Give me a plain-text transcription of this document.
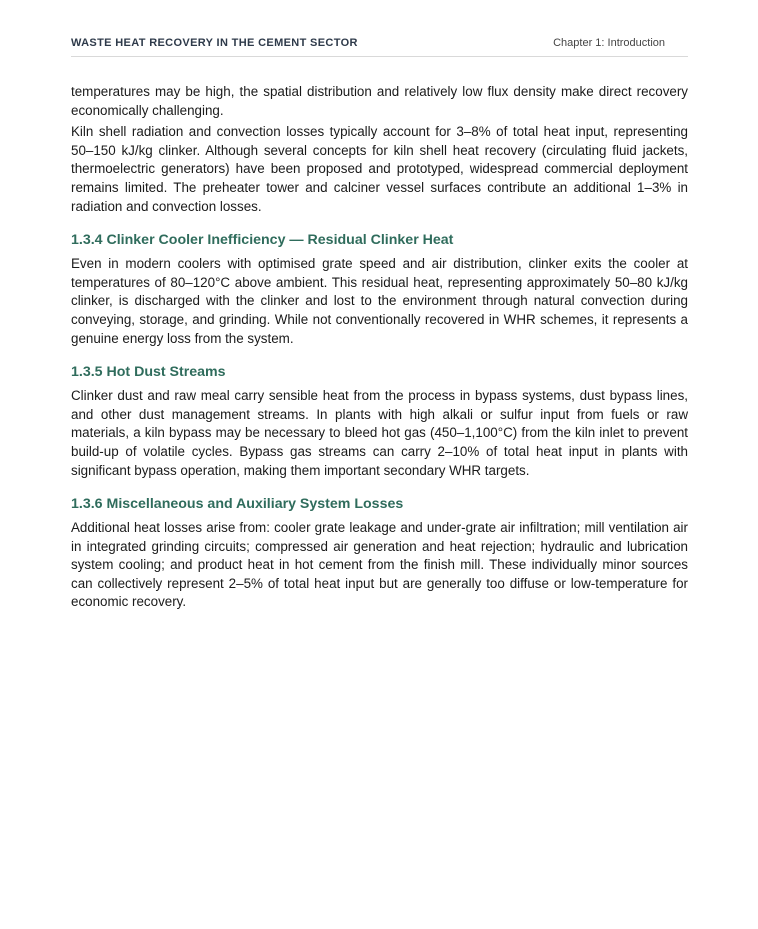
WASTE HEAT RECOVERY IN THE CEMENT SECTOR	Chapter 1: Introduction

temperatures may be high, the spatial distribution and relatively low flux density make direct recovery economically challenging.

Kiln shell radiation and convection losses typically account for 3–8% of total heat input, representing 50–150 kJ/kg clinker. Although several concepts for kiln shell heat recovery (circulating fluid jackets, thermoelectric generators) have been proposed and prototyped, widespread commercial deployment remains limited. The preheater tower and calciner vessel surfaces contribute an additional 1–3% in radiation and convection losses.

1.3.4 Clinker Cooler Inefficiency — Residual Clinker Heat

Even in modern coolers with optimised grate speed and air distribution, clinker exits the cooler at temperatures of 80–120°C above ambient. This residual heat, representing approximately 50–80 kJ/kg clinker, is discharged with the clinker and lost to the environment through natural convection during conveying, storage, and grinding. While not conventionally recovered in WHR schemes, it represents a genuine energy loss from the system.

1.3.5 Hot Dust Streams

Clinker dust and raw meal carry sensible heat from the process in bypass systems, dust bypass lines, and other dust management streams. In plants with high alkali or sulfur input from fuels or raw materials, a kiln bypass may be necessary to bleed hot gas (450–1,100°C) from the kiln inlet to prevent build-up of volatile cycles. Bypass gas streams can carry 2–10% of total heat input in plants with significant bypass operation, making them important secondary WHR targets.

1.3.6 Miscellaneous and Auxiliary System Losses

Additional heat losses arise from: cooler grate leakage and under-grate air infiltration; mill ventilation air in integrated grinding circuits; compressed air generation and heat rejection; hydraulic and lubrication system cooling; and product heat in hot cement from the finish mill. These individually minor sources can collectively represent 2–5% of total heat input but are generally too diffuse or low-temperature for economic recovery.
